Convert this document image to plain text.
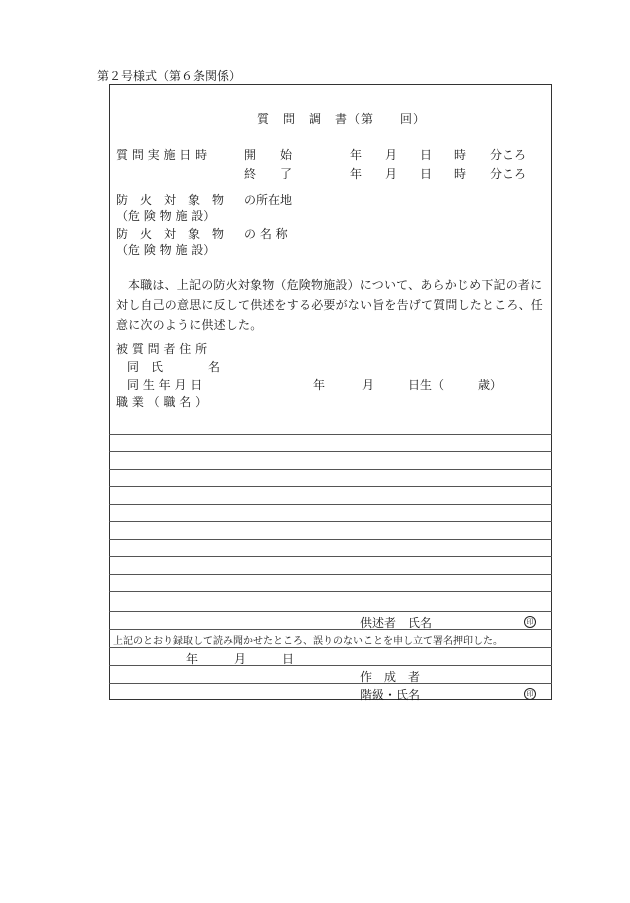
第２号様式（第６条関係）
質　問　調　書（第　　回）
質 問 実 施 日 時	開　　始	年 月 日 時 分ころ
終　　了	年 月 日 時 分ころ
防　火　対　象　物 の所在地
（危 険 物 施 設）
防　火　対　象　物 の 名 称
（危 険 物 施 設）
本職は、上記の防火対象物（危険物施設）について、あらかじめ下記の者に対し自己の意思に反して供述をする必要がない旨を告げて質問したところ、任意に次のように供述した。
被 質 問 者 住 所
同　氏	名
同 生 年 月 日	年	月	日生（	歳）
職 業 （ 職 名 ）
供述者　氏名	印
上記のとおり録取して読み聞かせたところ、誤りのないことを申し立て署名押印した。
年	月	日
作　成　者
階級・氏名	印
